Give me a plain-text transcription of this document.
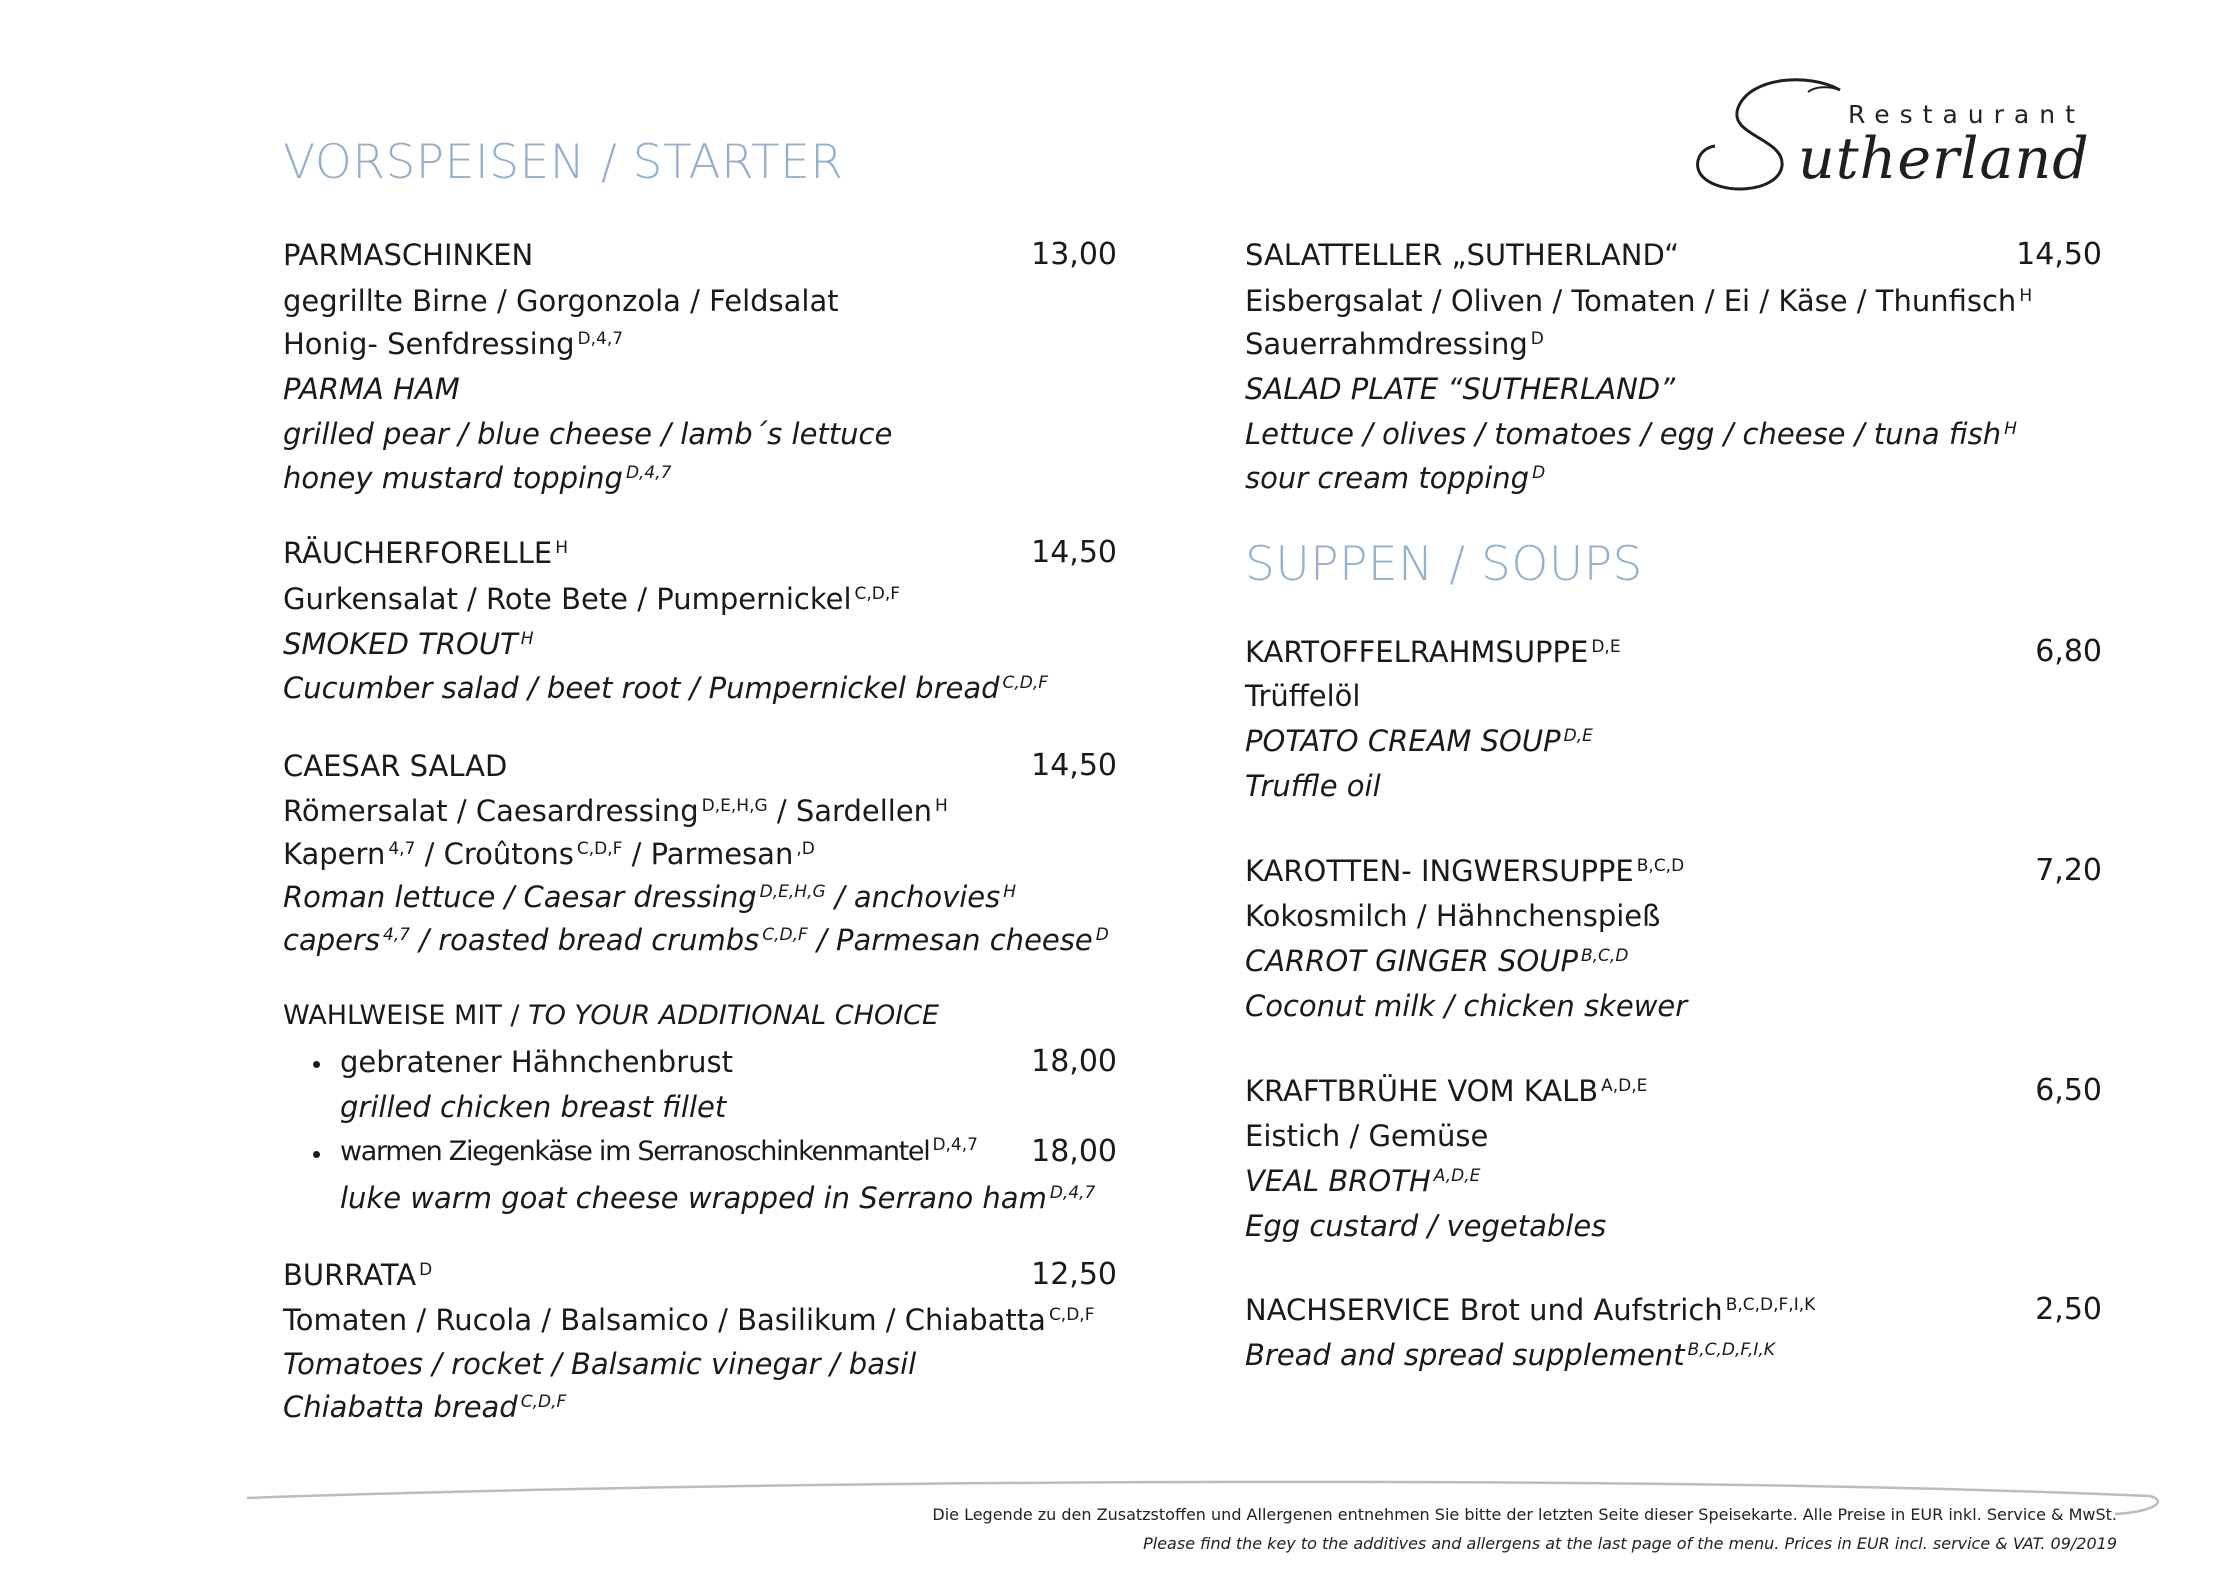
Restaurant
utherland
VORSPEISEN / STARTER
SUPPEN / SOUPS
PARMASCHINKEN	13,00
gegrillte Birne / Gorgonzola / Feldsalat
Honig- Senfdressing $^{D,4,7}$
PARMA HAM
grilled pear / blue cheese / lamb´s lettuce
honey mustard topping $^{D,4,7}$
RÄUCHERFORELLE $^H$	14,50
Gurkensalat / Rote Bete / Pumpernickel $^{C,D,F}$
SMOKED TROUT $^H$
Cucumber salad / beet root / Pumpernickel bread $^{C,D,F}$
CAESAR SALAD	14,50
Römersalat / Caesardressing $^{D,E,H,G}$ / Sardellen $^H$
Kapern $^{4,7}$ / Croûtons $^{C,D,F}$ / Parmesan $^{,D}$
Roman lettuce / Caesar dressing $^{D,E,H,G}$ / anchovies $^H$
capers $^{4,7}$ / roasted bread crumbs $^{C,D,F}$ / Parmesan cheese $^D$
WAHLWEISE MIT / TO YOUR ADDITIONAL CHOICE
gebratener Hähnchenbrust	18,00
grilled chicken breast fillet
warmen Ziegenkäse im Serranoschinkenmantel $^{D,4,7}$ 18,00
luke warm goat cheese wrapped in Serrano ham $^{D,4,7}$
BURRATA $^D$	12,50
Tomaten / Rucola / Balsamico / Basilikum / Chiabatta $^{C,D,F}$
Tomatoes / rocket / Balsamic vinegar / basil
Chiabatta bread $^{C,D,F}$
SALATTELLER „SUTHERLAND“	14,50
Eisbergsalat / Oliven / Tomaten / Ei / Käse / Thunfisch $^H$
Sauerrahmdressing $^D$
SALAD PLATE “SUTHERLAND”
Lettuce / olives / tomatoes / egg / cheese / tuna fish $^H$
sour cream topping $^D$
KARTOFFELRAHMSUPPE $^{D,E}$	6,80
Trüffelöl
POTATO CREAM SOUP $^{D,E}$
Truffle oil
KAROTTEN- INGWERSUPPE $^{B,C,D}$	7,20
Kokosmilch / Hähnchenspieß
CARROT GINGER SOUP $^{B,C,D}$
Coconut milk / chicken skewer
KRAFTBRÜHE VOM KALB $^{A,D,E}$	6,50
Eistich / Gemüse
VEAL BROTH $^{A,D,E}$
Egg custard / vegetables
NACHSERVICE Brot und Aufstrich $^{B,C,D,F,I,K}$	2,50
Bread and spread supplement $^{B,C,D,F,I,K}$
Die Legende zu den Zusatzstoffen und Allergenen entnehmen Sie bitte der letzten Seite dieser Speisekarte. Alle Preise in EUR inkl. Service & MwSt.
Please find the key to the additives and allergens at the last page of the menu. Prices in EUR incl. service & VAT. 09/2019
